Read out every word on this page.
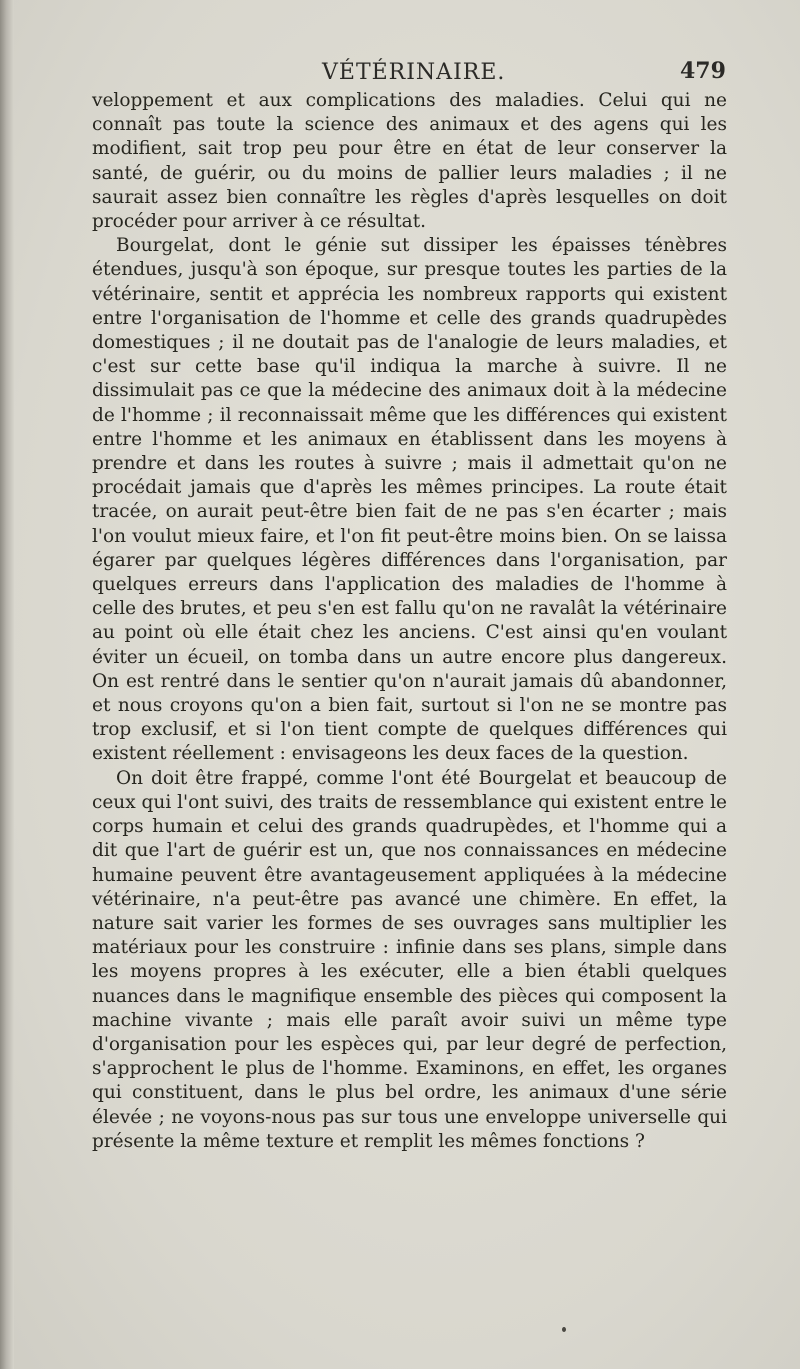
VÉTÉRINAIRE.	479

veloppement et aux complications des maladies. Celui qui ne connaît pas toute la science des animaux et des agens qui les modifient, sait trop peu pour être en état de leur conserver la santé, de guérir, ou du moins de pallier leurs maladies ; il ne saurait assez bien connaître les règles d'après lesquelles on doit procéder pour arriver à ce résultat.

Bourgelat, dont le génie sut dissiper les épaisses ténèbres étendues, jusqu'à son époque, sur presque toutes les parties de la vétérinaire, sentit et apprécia les nombreux rapports qui existent entre l'organisation de l'homme et celle des grands quadrupèdes domestiques ; il ne doutait pas de l'analogie de leurs maladies, et c'est sur cette base qu'il indiqua la marche à suivre. Il ne dissimulait pas ce que la médecine des animaux doit à la médecine de l'homme ; il reconnaissait même que les différences qui existent entre l'homme et les animaux en établissent dans les moyens à prendre et dans les routes à suivre ; mais il admettait qu'on ne procédait jamais que d'après les mêmes principes. La route était tracée, on aurait peut-être bien fait de ne pas s'en écarter ; mais l'on voulut mieux faire, et l'on fit peut-être moins bien. On se laissa égarer par quelques légères différences dans l'organisation, par quelques erreurs dans l'application des maladies de l'homme à celle des brutes, et peu s'en est fallu qu'on ne ravalât la vétérinaire au point où elle était chez les anciens. C'est ainsi qu'en voulant éviter un écueil, on tomba dans un autre encore plus dangereux. On est rentré dans le sentier qu'on n'aurait jamais dû abandonner, et nous croyons qu'on a bien fait, surtout si l'on ne se montre pas trop exclusif, et si l'on tient compte de quelques différences qui existent réellement : envisageons les deux faces de la question.

On doit être frappé, comme l'ont été Bourgelat et beaucoup de ceux qui l'ont suivi, des traits de ressemblance qui existent entre le corps humain et celui des grands quadrupèdes, et l'homme qui a dit que l'art de guérir est un, que nos connaissances en médecine humaine peuvent être avantageusement appliquées à la médecine vétérinaire, n'a peut-être pas avancé une chimère. En effet, la nature sait varier les formes de ses ouvrages sans multiplier les matériaux pour les construire : infinie dans ses plans, simple dans les moyens propres à les exécuter, elle a bien établi quelques nuances dans le magnifique ensemble des pièces qui composent la machine vivante ; mais elle paraît avoir suivi un même type d'organisation pour les espèces qui, par leur degré de perfection, s'approchent le plus de l'homme. Examinons, en effet, les organes qui constituent, dans le plus bel ordre, les animaux d'une série élevée ; ne voyons-nous pas sur tous une enveloppe universelle qui présente la même texture et remplit les mêmes fonctions ?
